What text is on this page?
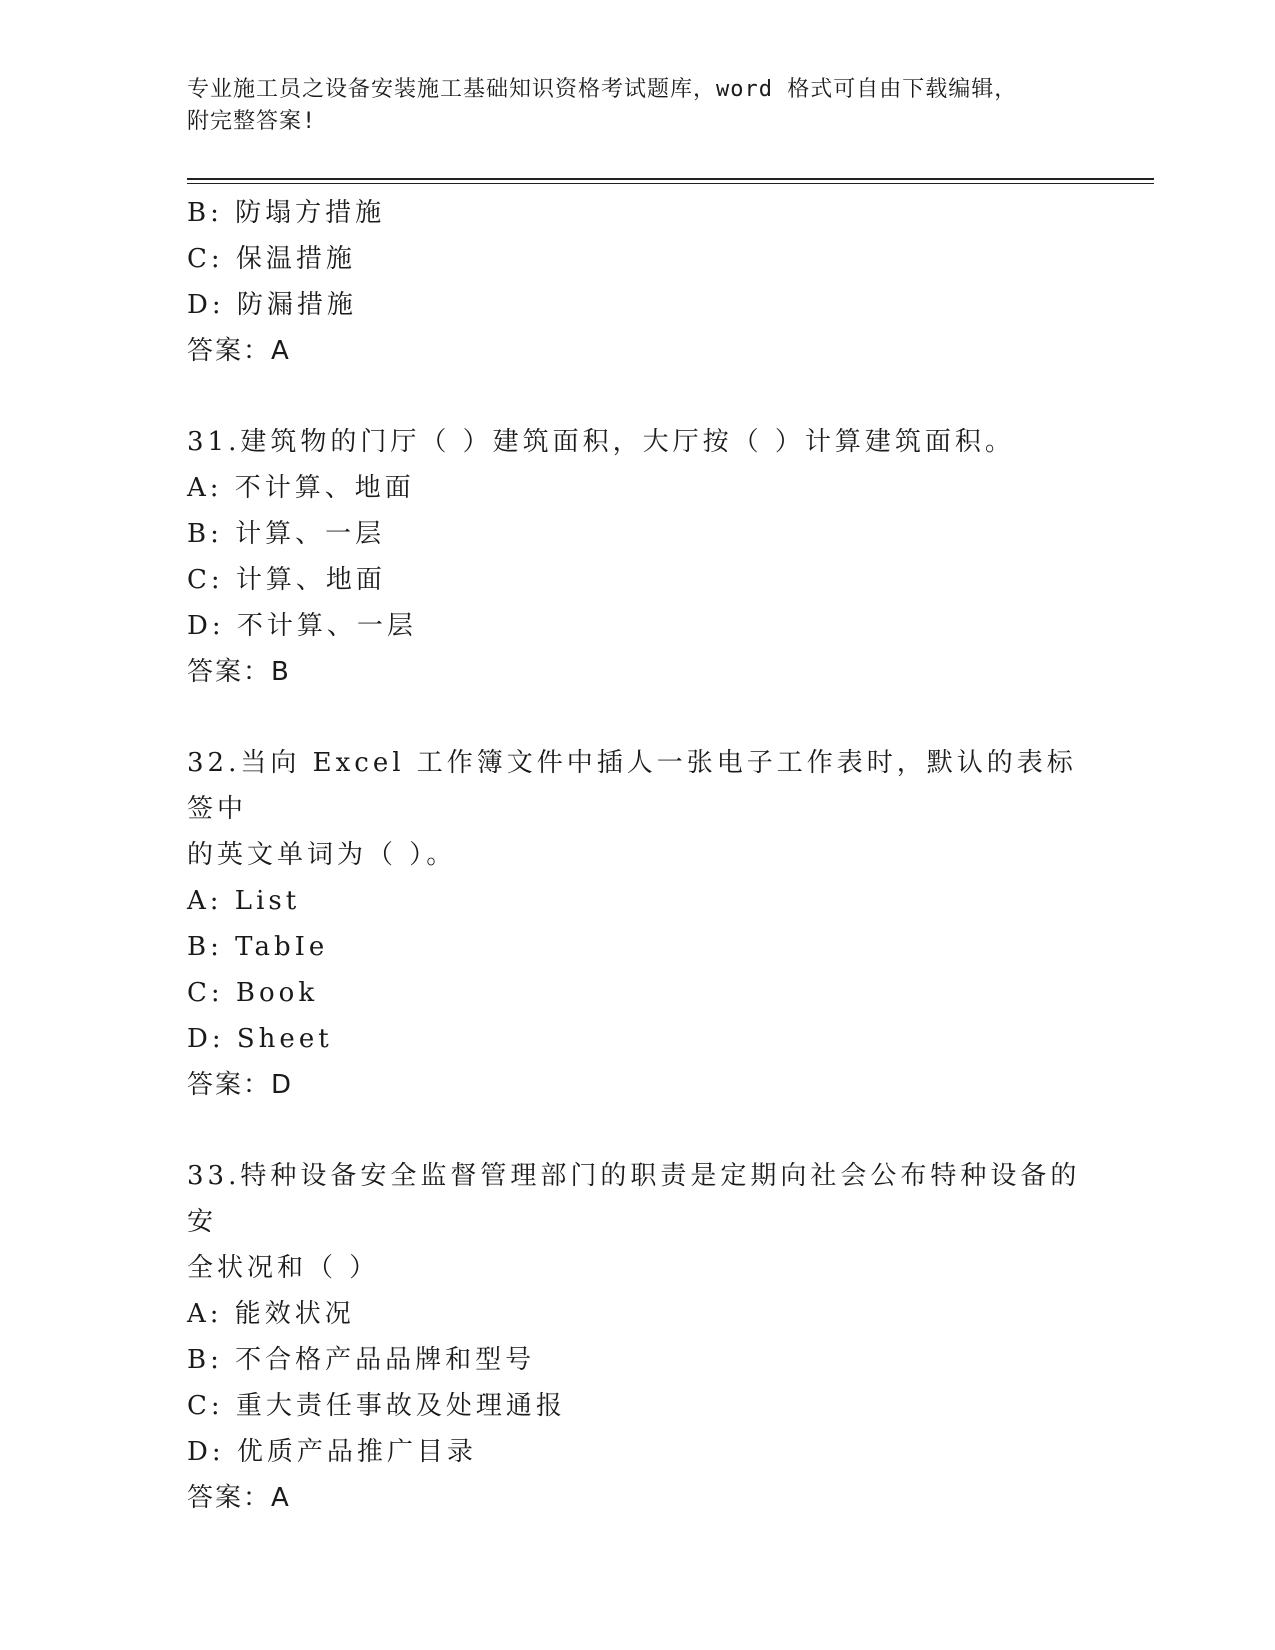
专业施工员之设备安装施工基础知识资格考试题库，word 格式可自由下载编辑，
附完整答案!
B: 防塌方措施
C: 保温措施
D: 防漏措施
答案：A
31.建筑物的门厅（ ）建筑面积，大厅按（ ）计算建筑面积。
A: 不计算、地面
B: 计算、一层
C: 计算、地面
D: 不计算、一层
答案：B
32.当向 Excel 工作簿文件中插人一张电子工作表时，默认的表标签中
的英文单词为（ ）。
A: List
B: TabIe
C: Book
D: Sheet
答案：D
33.特种设备安全监督管理部门的职责是定期向社会公布特种设备的安
全状况和（ ）
A: 能效状况
B: 不合格产品品牌和型号
C: 重大责任事故及处理通报
D: 优质产品推广目录
答案：A
